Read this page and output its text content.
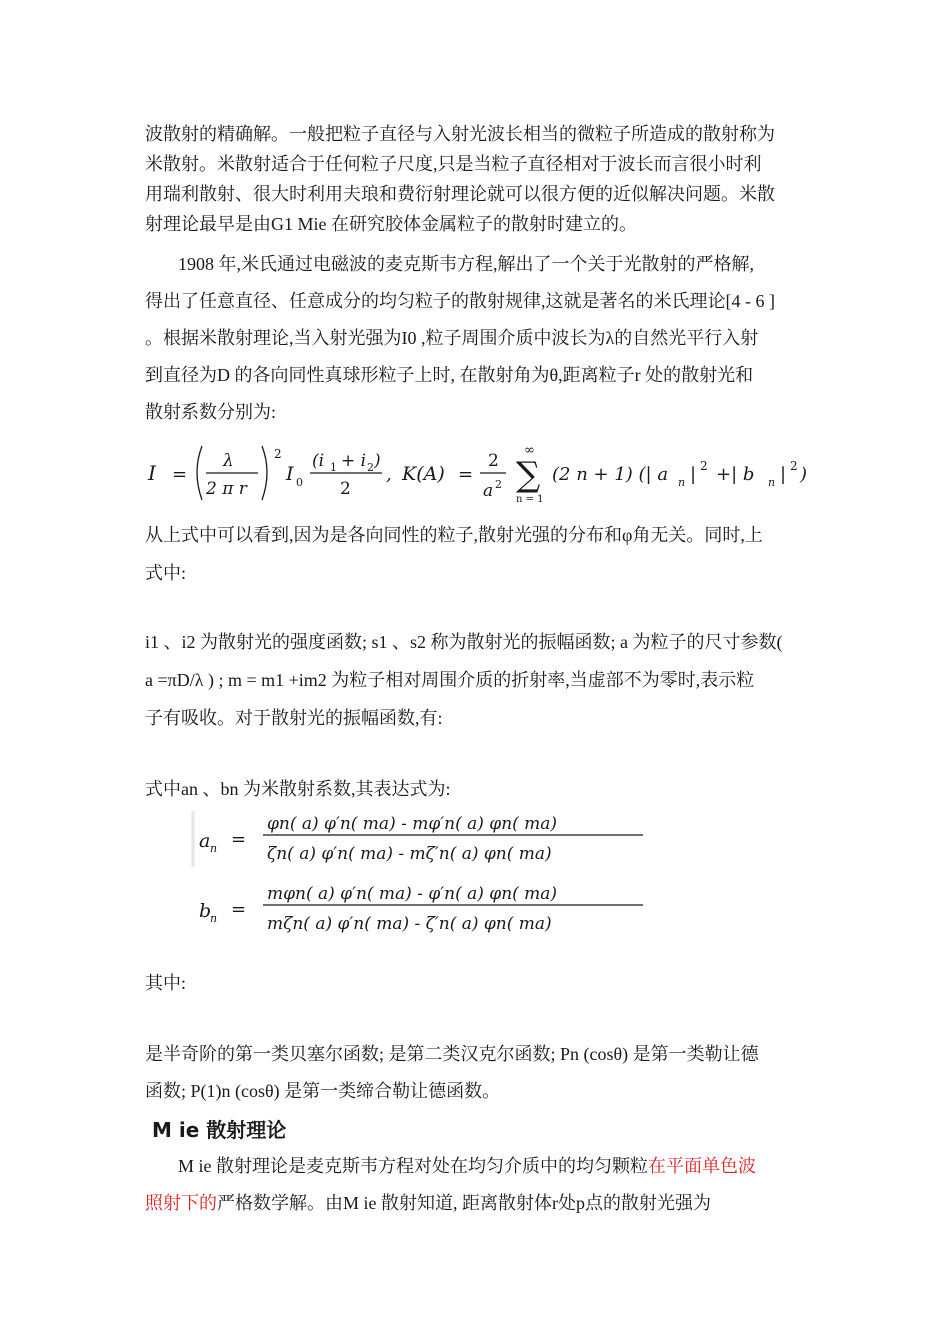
波散射的精确解。一般把粒子直径与入射光波长相当的微粒子所造成的散射称为
米散射。米散射适合于任何粒子尺度,只是当粒子直径相对于波长而言很小时利
用瑞利散射、很大时利用夫琅和费衍射理论就可以很方便的近似解决问题。米散
射理论最早是由G1 Mie 在研究胶体金属粒子的散射时建立的。
1908 年,米氏通过电磁波的麦克斯韦方程,解出了一个关于光散射的严格解,
得出了任意直径、任意成分的均匀粒子的散射规律,这就是著名的米氏理论[4 - 6 ]
。根据米散射理论,当入射光强为I0 ,粒子周围介质中波长为λ的自然光平行入射
到直径为D 的各向同性真球形粒子上时, 在散射角为θ,距离粒子r 处的散射光和
散射系数分别为:
I =
λ
2 π r
2
I 0
(i 1 + i 2 )
2
, K(A) =
2
a 2
∞
∑
n = 1
(2 n + 1) (| a n | 2 +| b n | 2 )
从上式中可以看到,因为是各向同性的粒子,散射光强的分布和φ角无关。同时,上
式中:
i1 、i2 为散射光的强度函数; s1 、s2 称为散射光的振幅函数; a 为粒子的尺寸参数(
a =πD/λ ) ; m = m1 +im2 为粒子相对周围介质的折射率,当虚部不为零时,表示粒
子有吸收。对于散射光的振幅函数,有:
式中an 、bn 为米散射系数,其表达式为:
a n =
φn( a) φ′n( ma) - mφ′n( a) φn( ma)
ζn( a) φ′n( ma) - mζ′n( a) φn( ma)
b
n =
mφn( a) φ′n( ma) - φ′n( a) φn( ma)
mζn( a) φ′n( ma) - ζ′n( a) φn( ma)
其中:
是半奇阶的第一类贝塞尔函数; 是第二类汉克尔函数; Pn (cosθ) 是第一类勒让德
函数; P(1)n (cosθ) 是第一类缔合勒让德函数。
M ie 散射理论
M ie 散射理论是麦克斯韦方程对处在均匀介质中的均匀颗粒在平面单色波
照射下的严格数学解。由M ie 散射知道, 距离散射体r处p点的散射光强为
